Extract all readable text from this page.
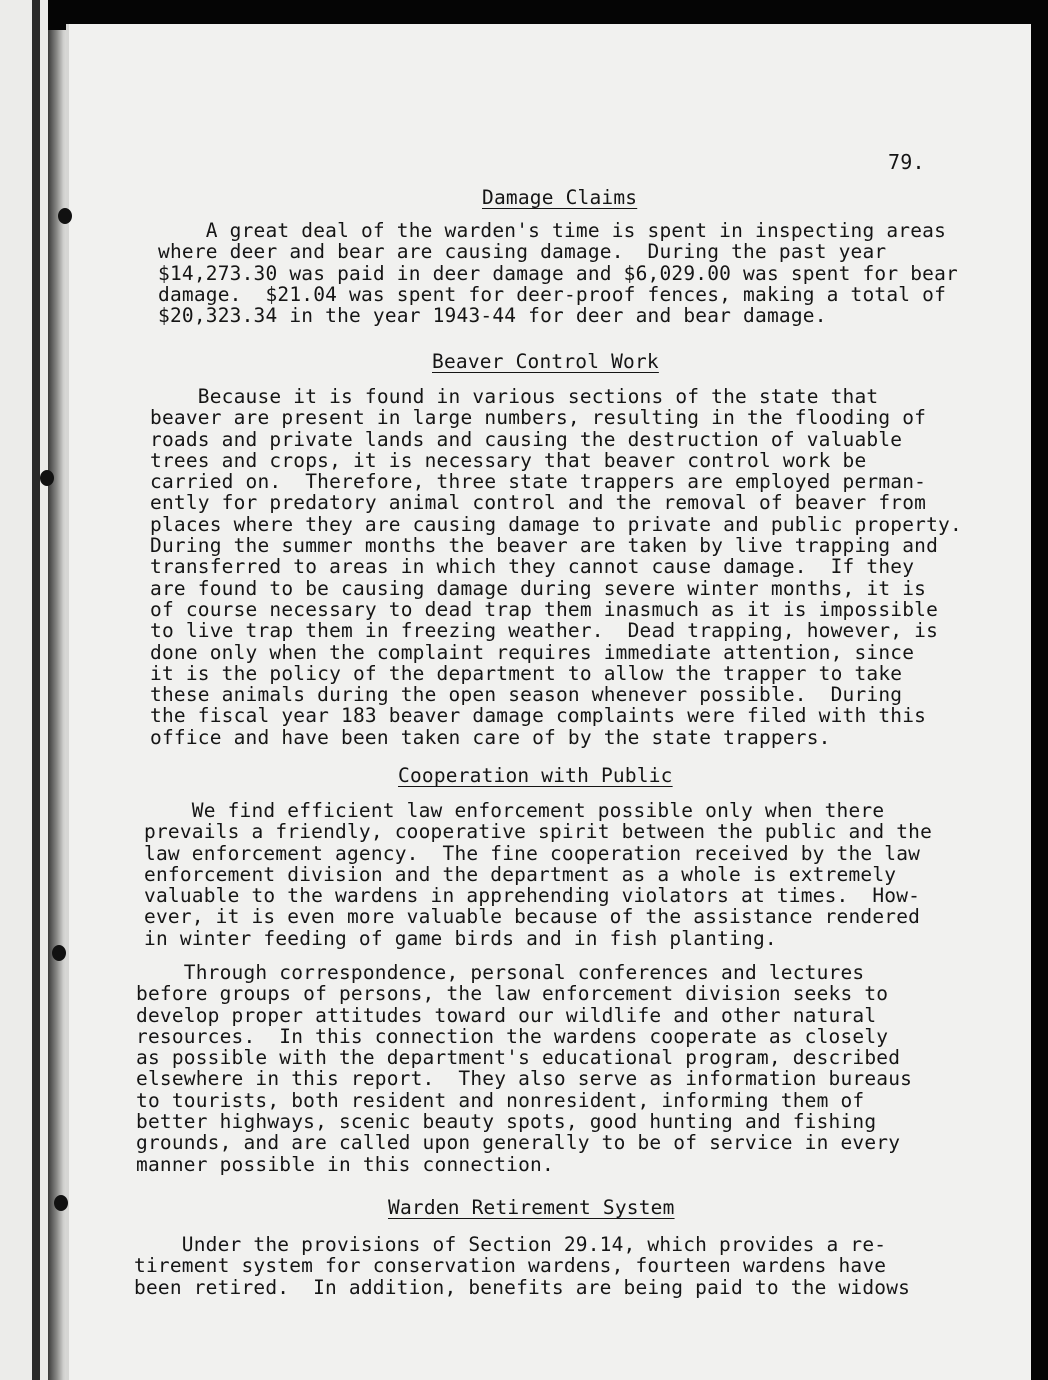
79.
Damage Claims
A great deal of the warden's time is spent in inspecting areas
where deer and bear are causing damage.  During the past year
$14,273.30 was paid in deer damage and $6,029.00 was spent for bear
damage.  $21.04 was spent for deer-proof fences, making a total of
$20,323.34 in the year 1943-44 for deer and bear damage.
Beaver Control Work
Because it is found in various sections of the state that
beaver are present in large numbers, resulting in the flooding of
roads and private lands and causing the destruction of valuable
trees and crops, it is necessary that beaver control work be
carried on.  Therefore, three state trappers are employed perman-
ently for predatory animal control and the removal of beaver from
places where they are causing damage to private and public property.
During the summer months the beaver are taken by live trapping and
transferred to areas in which they cannot cause damage.  If they
are found to be causing damage during severe winter months, it is
of course necessary to dead trap them inasmuch as it is impossible
to live trap them in freezing weather.  Dead trapping, however, is
done only when the complaint requires immediate attention, since
it is the policy of the department to allow the trapper to take
these animals during the open season whenever possible.  During
the fiscal year 183 beaver damage complaints were filed with this
office and have been taken care of by the state trappers.
Cooperation with Public
We find efficient law enforcement possible only when there
prevails a friendly, cooperative spirit between the public and the
law enforcement agency.  The fine cooperation received by the law
enforcement division and the department as a whole is extremely
valuable to the wardens in apprehending violators at times.  How-
ever, it is even more valuable because of the assistance rendered
in winter feeding of game birds and in fish planting.
Through correspondence, personal conferences and lectures
before groups of persons, the law enforcement division seeks to
develop proper attitudes toward our wildlife and other natural
resources.  In this connection the wardens cooperate as closely
as possible with the department's educational program, described
elsewhere in this report.  They also serve as information bureaus
to tourists, both resident and nonresident, informing them of
better highways, scenic beauty spots, good hunting and fishing
grounds, and are called upon generally to be of service in every
manner possible in this connection.
Warden Retirement System
Under the provisions of Section 29.14, which provides a re-
tirement system for conservation wardens, fourteen wardens have
been retired.  In addition, benefits are being paid to the widows
